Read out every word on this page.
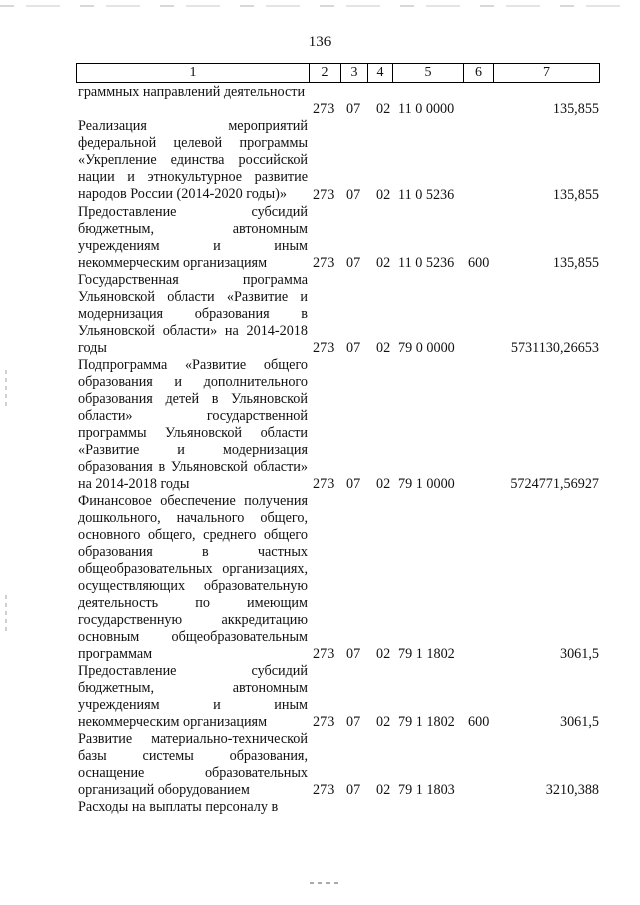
136
1	2	3	4	5	6	7
граммных направлений деятельности
273 07 02 11 0 0000	135,855
Реализация мероприятий федеральной целевой программы «Укрепление единства российской нации и этнокультурное развитие народов России (2014-2020 годы)»	273 07 02 11 0 5236	135,855
Предоставление субсидий бюджетным, автономным учреждениям и иным некоммерческим организациям	273 07 02 11 0 5236 600	135,855
Государственная программа Ульяновской области «Развитие и модернизация образования в Ульяновской области» на 2014-2018 годы	273 07 02 79 0 0000	5731130,26653
Подпрограмма «Развитие общего образования и дополнительного образования детей в Ульяновской области» государственной программы Ульяновской области «Развитие и модернизация образования в Ульяновской области» на 2014-2018 годы	273 07 02 79 1 0000	5724771,56927
Финансовое обеспечение получения дошкольного, начального общего, основного общего, среднего общего образования в частных общеобразовательных организациях, осуществляющих образовательную деятельность по имеющим государственную аккредитацию основным общеобразовательным программам	273 07 02 79 1 1802	3061,5
Предоставление субсидий бюджетным, автономным учреждениям и иным некоммерческим организациям	273 07 02 79 1 1802 600	3061,5
Развитие материально-технической базы системы образования, оснащение образовательных организаций оборудованием	273 07 02 79 1 1803	3210,388
Расходы на выплаты персоналу в
